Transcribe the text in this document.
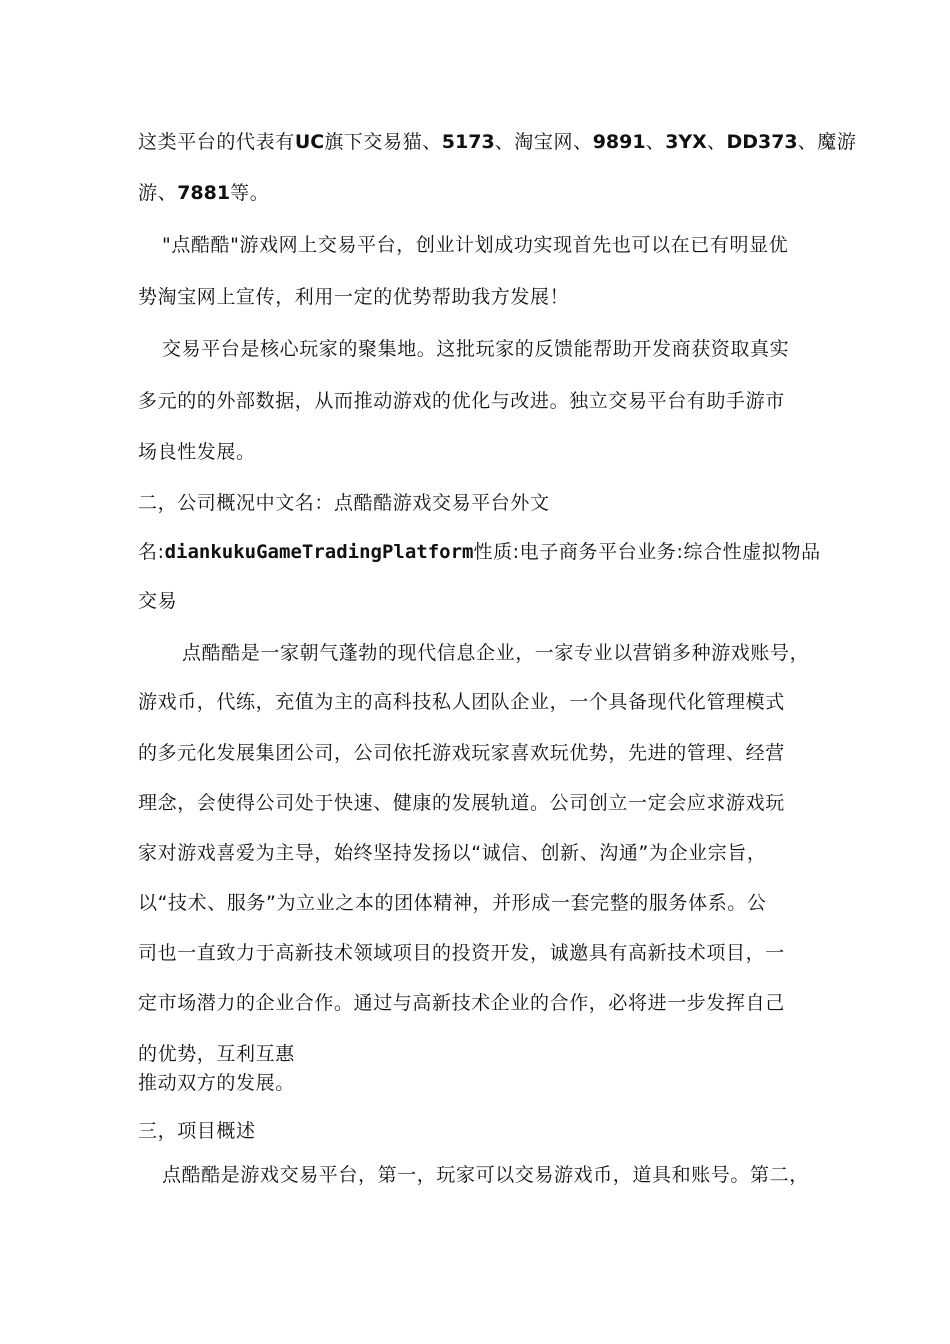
这类平台的代表有UC旗下交易猫、5173、淘宝网、9891、3YX、DD373、魔游
游、7881等。
"点酷酷"游戏网上交易平台，创业计划成功实现首先也可以在已有明显优
势淘宝网上宣传，利用一定的优势帮助我方发展！
交易平台是核心玩家的聚集地。这批玩家的反馈能帮助开发商获资取真实
多元的的外部数据，从而推动游戏的优化与改进。独立交易平台有助手游市
场良性发展。
二，公司概况中文名：点酷酷游戏交易平台外文
名:diankukuGameTradingPlatform性质:电子商务平台业务:综合性虚拟物品
交易
点酷酷是一家朝气蓬勃的现代信息企业，一家专业以营销多种游戏账号，
游戏币，代练，充值为主的高科技私人团队企业，一个具备现代化管理模式
的多元化发展集团公司，公司依托游戏玩家喜欢玩优势，先进的管理、经营
理念，会使得公司处于快速、健康的发展轨道。公司创立一定会应求游戏玩
家对游戏喜爱为主导，始终坚持发扬以“诚信、创新、沟通”为企业宗旨，
以“技术、服务”为立业之本的团体精神，并形成一套完整的服务体系。公
司也一直致力于高新技术领域项目的投资开发，诚邀具有高新技术项目，一
定市场潜力的企业合作。通过与高新技术企业的合作，必将进一步发挥自己
的优势，互利互惠
推动双方的发展。
三，项目概述
点酷酷是游戏交易平台，第一，玩家可以交易游戏币，道具和账号。第二，
